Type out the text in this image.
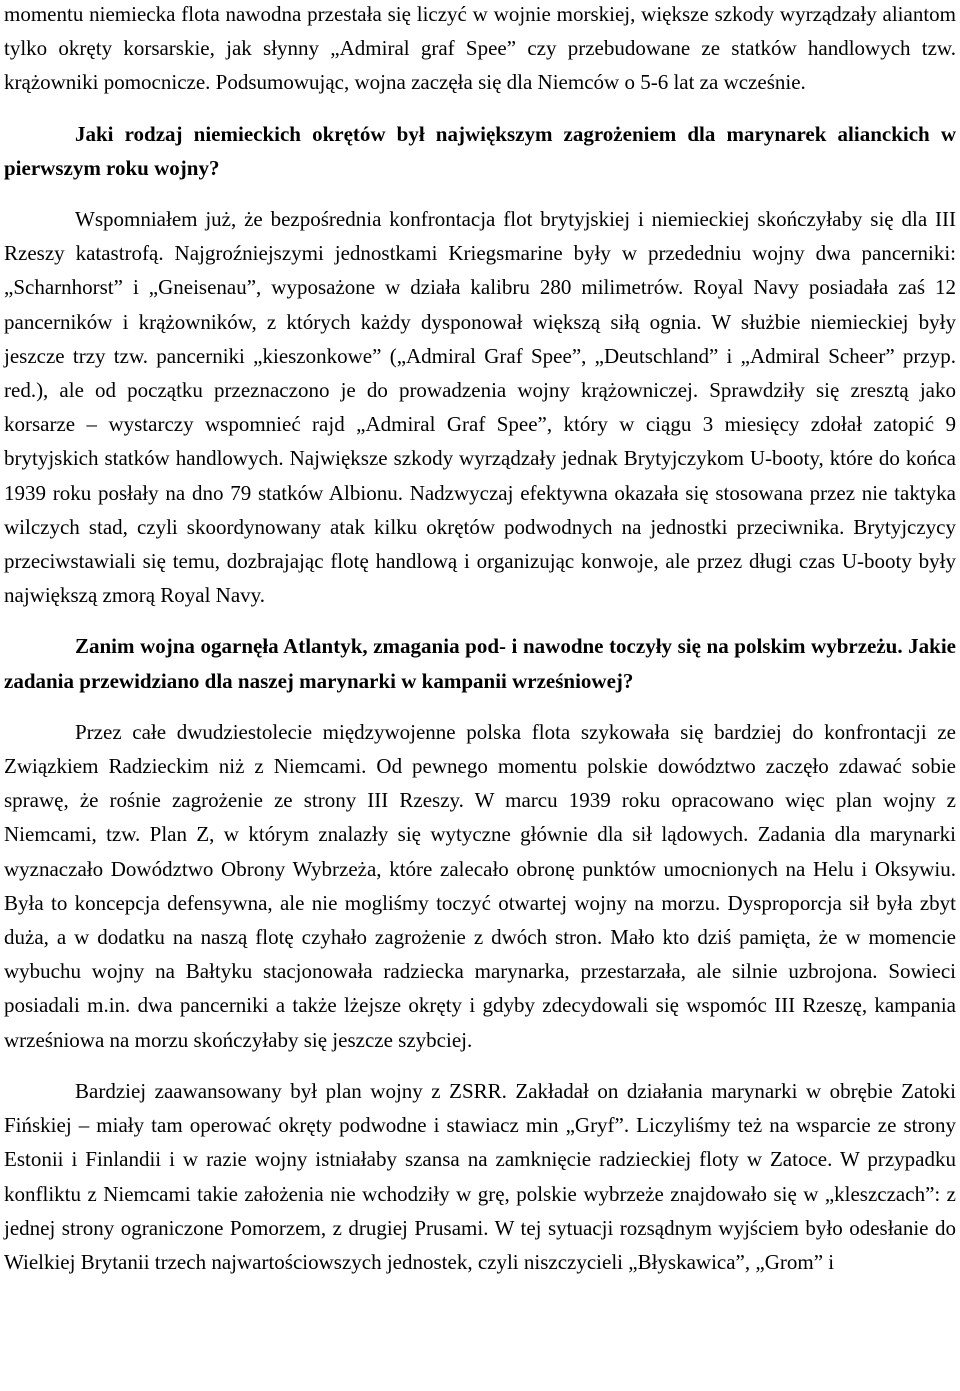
momentu niemiecka flota nawodna przestała się liczyć w wojnie morskiej, większe szkody wyrządzały aliantom tylko okręty korsarskie, jak słynny „Admiral graf Spee” czy przebudowane ze statków handlowych tzw. krążowniki pomocnicze. Podsumowując, wojna zaczęła się dla Niemców o 5-6 lat za wcześnie.

Jaki rodzaj niemieckich okrętów był największym zagrożeniem dla marynarek alianckich w pierwszym roku wojny?

Wspomniałem już, że bezpośrednia konfrontacja flot brytyjskiej i niemieckiej skończyłaby się dla III Rzeszy katastrofą. Najgroźniejszymi jednostkami Kriegsmarine były w przededniu wojny dwa pancerniki: „Scharnhorst” i „Gneisenau”, wyposażone w działa kalibru 280 milimetrów. Royal Navy posiadała zaś 12 pancerników i krążowników, z których każdy dysponował większą siłą ognia. W służbie niemieckiej były jeszcze trzy tzw. pancerniki „kieszonkowe” („Admiral Graf Spee”, „Deutschland” i „Admiral Scheer” przyp. red.), ale od początku przeznaczono je do prowadzenia wojny krążowniczej. Sprawdziły się zresztą jako korsarze – wystarczy wspomnieć rajd „Admiral Graf Spee”, który w ciągu 3 miesięcy zdołał zatopić 9 brytyjskich statków handlowych. Największe szkody wyrządzały jednak Brytyjczykom U-booty, które do końca 1939 roku posłały na dno 79 statków Albionu. Nadzwyczaj efektywna okazała się stosowana przez nie taktyka wilczych stad, czyli skoordynowany atak kilku okrętów podwodnych na jednostki przeciwnika. Brytyjczycy przeciwstawiali się temu, dozbrajając flotę handlową i organizując konwoje, ale przez długi czas U-booty były największą zmorą Royal Navy.

Zanim wojna ogarnęła Atlantyk, zmagania pod- i nawodne toczyły się na polskim wybrzeżu. Jakie zadania przewidziano dla naszej marynarki w kampanii wrześniowej?

Przez całe dwudziestolecie międzywojenne polska flota szykowała się bardziej do konfrontacji ze Związkiem Radzieckim niż z Niemcami. Od pewnego momentu polskie dowództwo zaczęło zdawać sobie sprawę, że rośnie zagrożenie ze strony III Rzeszy. W marcu 1939 roku opracowano więc plan wojny z Niemcami, tzw. Plan Z, w którym znalazły się wytyczne głównie dla sił lądowych. Zadania dla marynarki wyznaczało Dowództwo Obrony Wybrzeża, które zalecało obronę punktów umocnionych na Helu i Oksywiu. Była to koncepcja defensywna, ale nie mogliśmy toczyć otwartej wojny na morzu. Dysproporcja sił była zbyt duża, a w dodatku na naszą flotę czyhało zagrożenie z dwóch stron. Mało kto dziś pamięta, że w momencie wybuchu wojny na Bałtyku stacjonowała radziecka marynarka, przestarzała, ale silnie uzbrojona. Sowieci posiadali m.in. dwa pancerniki a także lżejsze okręty i gdyby zdecydowali się wspomóc III Rzeszę, kampania wrześniowa na morzu skończyłaby się jeszcze szybciej.

Bardziej zaawansowany był plan wojny z ZSRR. Zakładał on działania marynarki w obrębie Zatoki Fińskiej – miały tam operować okręty podwodne i stawiacz min „Gryf”. Liczyliśmy też na wsparcie ze strony Estonii i Finlandii i w razie wojny istniałaby szansa na zamknięcie radzieckiej floty w Zatoce. W przypadku konfliktu z Niemcami takie założenia nie wchodziły w grę, polskie wybrzeże znajdowało się w „kleszczach”: z jednej strony ograniczone Pomorzem, z drugiej Prusami. W tej sytuacji rozsądnym wyjściem było odesłanie do Wielkiej Brytanii trzech najwartościowszych jednostek, czyli niszczycieli „Błyskawica”, „Grom” i
